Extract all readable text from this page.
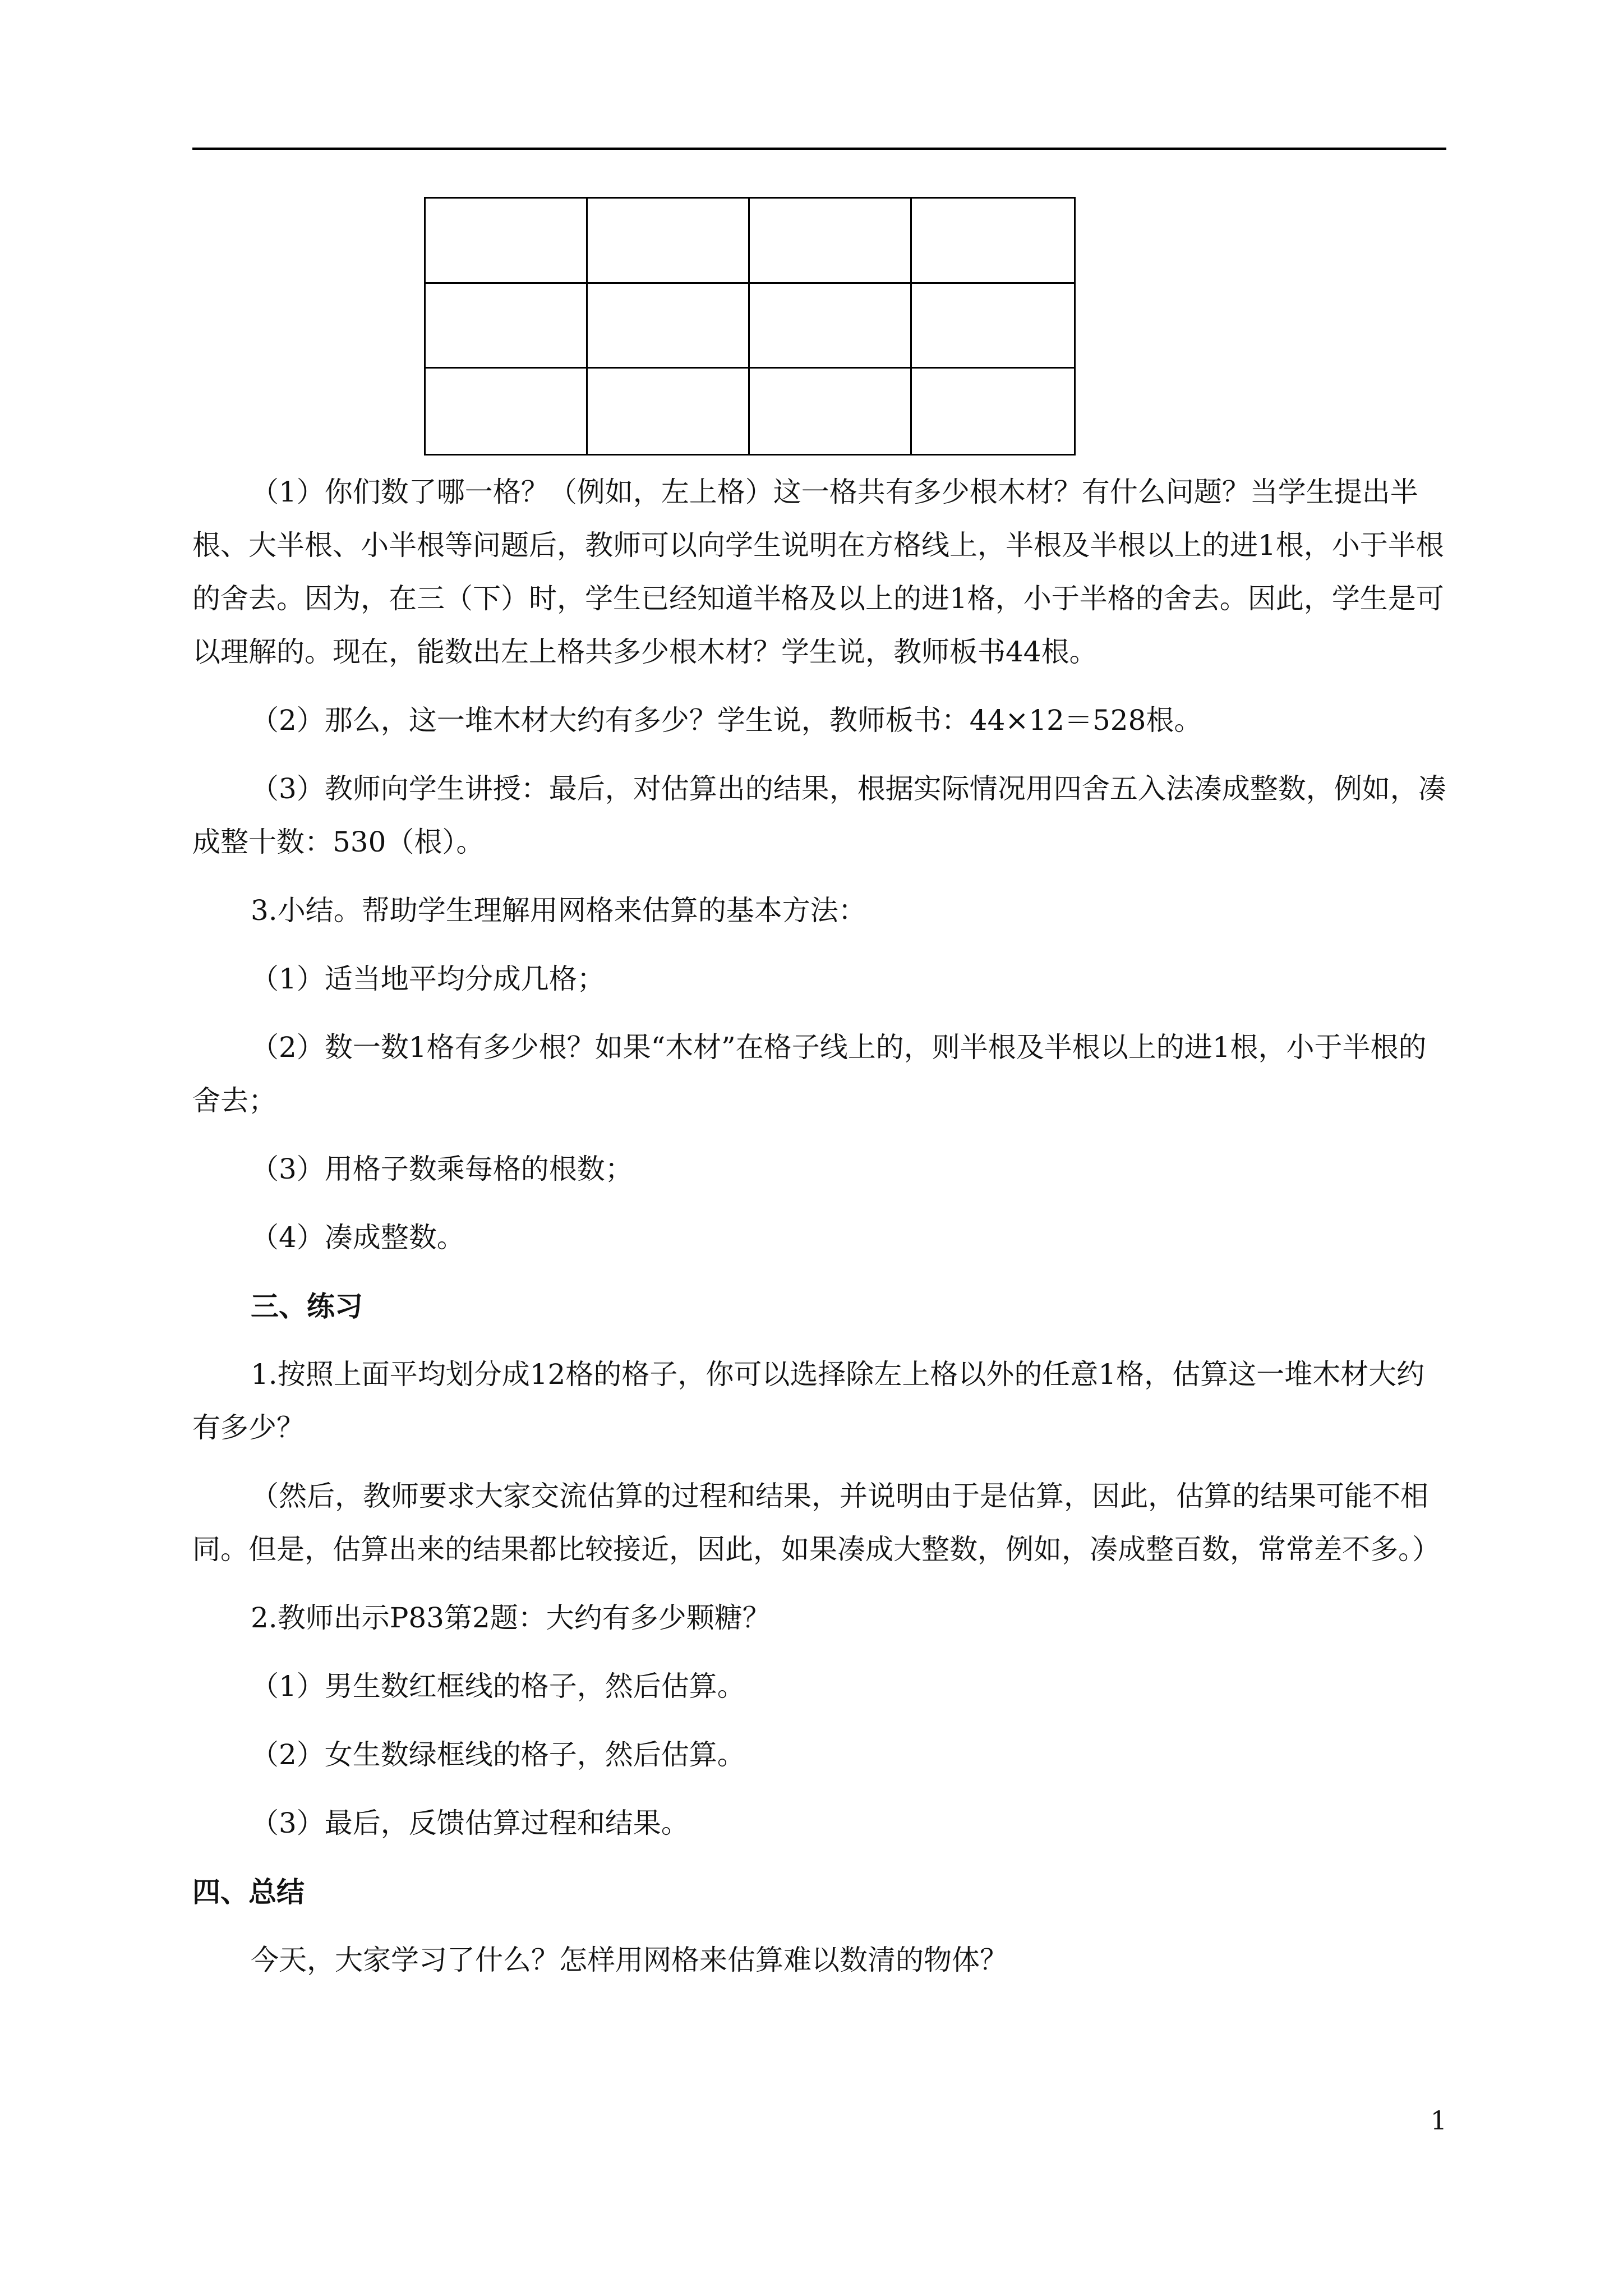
（1）你们数了哪一格？（例如，左上格）这一格共有多少根木材？有什么问题？当学生提出半根、大半根、小半根等问题后，教师可以向学生说明在方格线上，半根及半根以上的进1根，小于半根的舍去。因为，在三（下）时，学生已经知道半格及以上的进1格，小于半格的舍去。因此，学生是可以理解的。现在，能数出左上格共多少根木材？学生说，教师板书44根。

（2）那么，这一堆木材大约有多少？学生说，教师板书：44×12＝528根。

（3）教师向学生讲授：最后，对估算出的结果，根据实际情况用四舍五入法凑成整数，例如，凑成整十数：530（根）。

3.小结。帮助学生理解用网格来估算的基本方法：

（1）适当地平均分成几格；

（2）数一数1格有多少根？如果“木材”在格子线上的，则半根及半根以上的进1根，小于半根的舍去；

（3）用格子数乘每格的根数；

（4）凑成整数。

三、练习

1.按照上面平均划分成12格的格子，你可以选择除左上格以外的任意1格，估算这一堆木材大约有多少？

（然后，教师要求大家交流估算的过程和结果，并说明由于是估算，因此，估算的结果可能不相同。但是，估算出来的结果都比较接近，因此，如果凑成大整数，例如，凑成整百数，常常差不多。）

2.教师出示P83第2题：大约有多少颗糖？

（1）男生数红框线的格子，然后估算。

（2）女生数绿框线的格子，然后估算。

（3）最后，反馈估算过程和结果。

四、总结

今天，大家学习了什么？怎样用网格来估算难以数清的物体？

1
